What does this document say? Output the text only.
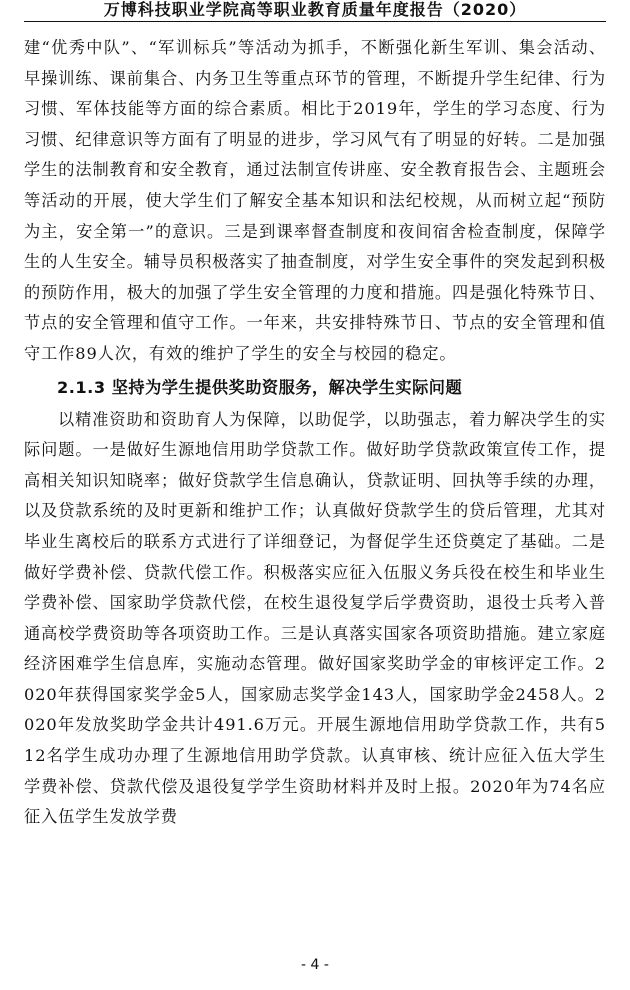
万博科技职业学院高等职业教育质量年度报告（2020）

建“优秀中队”、“军训标兵”等活动为抓手，不断强化新生军训、集会活动、早操训练、课前集合、内务卫生等重点环节的管理，不断提升学生纪律、行为习惯、军体技能等方面的综合素质。相比于2019年，学生的学习态度、行为习惯、纪律意识等方面有了明显的进步，学习风气有了明显的好转。二是加强学生的法制教育和安全教育，通过法制宣传讲座、安全教育报告会、主题班会等活动的开展，使大学生们了解安全基本知识和法纪校规，从而树立起“预防为主，安全第一”的意识。三是到课率督查制度和夜间宿舍检查制度，保障学生的人生安全。辅导员积极落实了抽查制度，对学生安全事件的突发起到积极的预防作用，极大的加强了学生安全管理的力度和措施。四是强化特殊节日、节点的安全管理和值守工作。一年来，共安排特殊节日、节点的安全管理和值守工作89人次，有效的维护了学生的安全与校园的稳定。

2.1.3 坚持为学生提供奖助资服务，解决学生实际问题

以精准资助和资助育人为保障，以助促学，以助强志，着力解决学生的实际问题。一是做好生源地信用助学贷款工作。做好助学贷款政策宣传工作，提高相关知识知晓率；做好贷款学生信息确认，贷款证明、回执等手续的办理，以及贷款系统的及时更新和维护工作；认真做好贷款学生的贷后管理，尤其对毕业生离校后的联系方式进行了详细登记，为督促学生还贷奠定了基础。二是做好学费补偿、贷款代偿工作。积极落实应征入伍服义务兵役在校生和毕业生学费补偿、国家助学贷款代偿，在校生退役复学后学费资助，退役士兵考入普通高校学费资助等各项资助工作。三是认真落实国家各项资助措施。建立家庭经济困难学生信息库，实施动态管理。做好国家奖助学金的审核评定工作。2020年获得国家奖学金5人，国家励志奖学金143人，国家助学金2458人。2020年发放奖助学金共计491.6万元。开展生源地信用助学贷款工作，共有512名学生成功办理了生源地信用助学贷款。认真审核、统计应征入伍大学生学费补偿、贷款代偿及退役复学学生资助材料并及时上报。2020年为74名应征入伍学生发放学费

- 4 -
